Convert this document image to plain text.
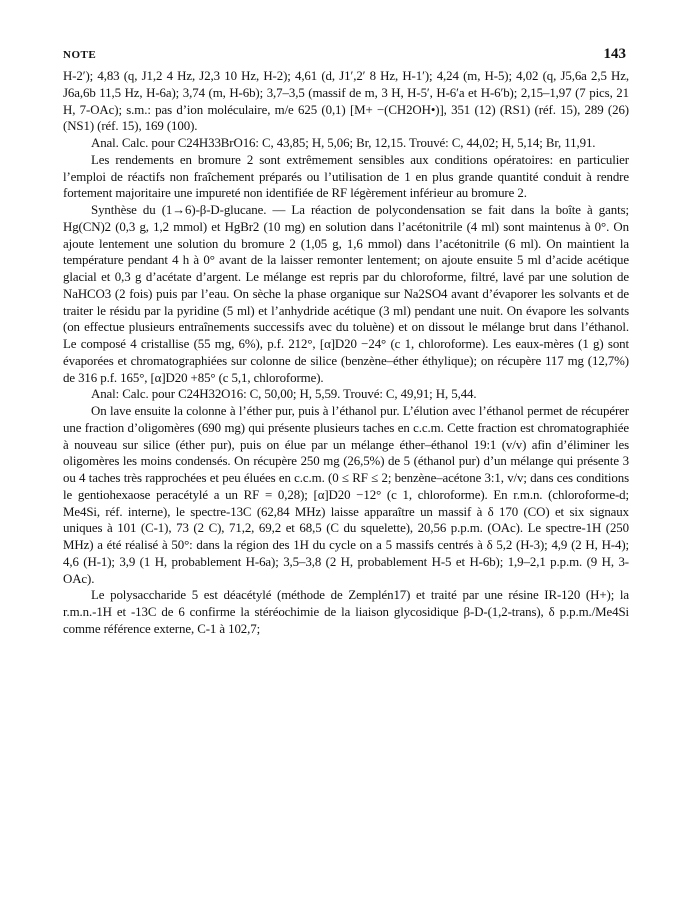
NOTE	143

H-2′); 4,83 (q, J1,2 4 Hz, J2,3 10 Hz, H-2); 4,61 (d, J1′,2′ 8 Hz, H-1′); 4,24 (m, H-5); 4,02 (q, J5,6a 2,5 Hz, J6a,6b 11,5 Hz, H-6a); 3,74 (m, H-6b); 3,7–3,5 (massif de m, 3 H, H-5′, H-6′a et H-6′b); 2,15–1,97 (7 pics, 21 H, 7-OAc); s.m.: pas d’ion moléculaire, m/e 625 (0,1) [M+ −(CH2OH•)], 351 (12) (RS1) (réf. 15), 289 (26) (NS1) (réf. 15), 169 (100).

Anal. Calc. pour C24H33BrO16: C, 43,85; H, 5,06; Br, 12,15. Trouvé: C, 44,02; H, 5,14; Br, 11,91.

Les rendements en bromure 2 sont extrêmement sensibles aux conditions opératoires: en particulier l’emploi de réactifs non fraîchement préparés ou l’utilisation de 1 en plus grande quantité conduit à rendre fortement majoritaire une impureté non identifiée de RF légèrement inférieur au bromure 2.

Synthèse du (1→6)-β-D-glucane. — La réaction de polycondensation se fait dans la boîte à gants; Hg(CN)2 (0,3 g, 1,2 mmol) et HgBr2 (10 mg) en solution dans l’acétonitrile (4 ml) sont maintenus à 0°. On ajoute lentement une solution du bromure 2 (1,05 g, 1,6 mmol) dans l’acétonitrile (6 ml). On maintient la température pendant 4 h à 0° avant de la laisser remonter lentement; on ajoute ensuite 5 ml d’acide acétique glacial et 0,3 g d’acétate d’argent. Le mélange est repris par du chloroforme, filtré, lavé par une solution de NaHCO3 (2 fois) puis par l’eau. On sèche la phase organique sur Na2SO4 avant d’évaporer les solvants et de traiter le résidu par la pyridine (5 ml) et l’anhydride acétique (3 ml) pendant une nuit. On évapore les solvants (on effectue plusieurs entraînements successifs avec du toluène) et on dissout le mélange brut dans l’éthanol. Le composé 4 cristallise (55 mg, 6%), p.f. 212°, [α]D20 −24° (c 1, chloroforme). Les eaux-mères (1 g) sont évaporées et chromatographiées sur colonne de silice (benzène–éther éthylique); on récupère 117 mg (12,7%) de 316 p.f. 165°, [α]D20 +85° (c 5,1, chloroforme).

Anal: Calc. pour C24H32O16: C, 50,00; H, 5,59. Trouvé: C, 49,91; H, 5,44.

On lave ensuite la colonne à l’éther pur, puis à l’éthanol pur. L’élution avec l’éthanol permet de récupérer une fraction d’oligomères (690 mg) qui présente plusieurs taches en c.c.m. Cette fraction est chromatographiée à nouveau sur silice (éther pur), puis on élue par un mélange éther–éthanol 19:1 (v/v) afin d’éliminer les oligomères les moins condensés. On récupère 250 mg (26,5%) de 5 (éthanol pur) d’un mélange qui présente 3 ou 4 taches très rapprochées et peu éluées en c.c.m. (0 ≤ RF ≤ 2; benzène–acétone 3:1, v/v; dans ces conditions le gentiohexaose peracétylé a un RF = 0,28); [α]D20 −12° (c 1, chloroforme). En r.m.n. (chloroforme-d; Me4Si, réf. interne), le spectre-13C (62,84 MHz) laisse apparaître un massif à δ 170 (CO) et six signaux uniques à 101 (C-1), 73 (2 C), 71,2, 69,2 et 68,5 (C du squelette), 20,56 p.p.m. (OAc). Le spectre-1H (250 MHz) a été réalisé à 50°: dans la région des 1H du cycle on a 5 massifs centrés à δ 5,2 (H-3); 4,9 (2 H, H-4); 4,6 (H-1); 3,9 (1 H, probablement H-6a); 3,5–3,8 (2 H, probablement H-5 et H-6b); 1,9–2,1 p.p.m. (9 H, 3-OAc).

Le polysaccharide 5 est déacétylé (méthode de Zemplén17) et traité par une résine IR-120 (H+); la r.m.n.-1H et -13C de 6 confirme la stéréochimie de la liaison glycosidique β-D-(1,2-trans), δ p.p.m./Me4Si comme référence externe, C-1 à 102,7;
